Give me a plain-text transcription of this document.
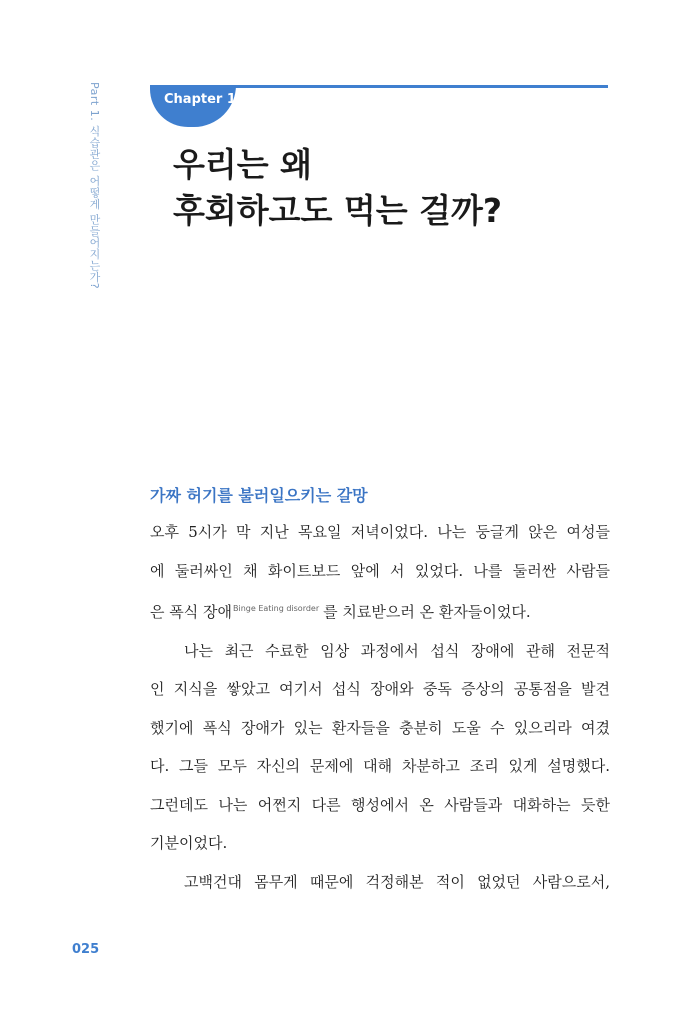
Part 1. 식습관은 어떻게 만들어지는가?	Chapter 1
우리는 왜
후회하고도 먹는 걸까?
가짜 허기를 불러일으키는 갈망
오후 5시가 막 지난 목요일 저녁이었다. 나는 둥글게 앉은 여성들
에 둘러싸인 채 화이트보드 앞에 서 있었다. 나를 둘러싼 사람들
은 폭식 장애$^{Binge Eating disorder}$ 를 치료받으러 온 환자들이었다.
나는 최근 수료한 임상 과정에서 섭식 장애에 관해 전문적
인 지식을 쌓았고 여기서 섭식 장애와 중독 증상의 공통점을 발견
했기에 폭식 장애가 있는 환자들을 충분히 도울 수 있으리라 여겼
다. 그들 모두 자신의 문제에 대해 차분하고 조리 있게 설명했다.
그런데도 나는 어쩐지 다른 행성에서 온 사람들과 대화하는 듯한
기분이었다.
고백건대 몸무게 때문에 걱정해본 적이 없었던 사람으로서,
025
